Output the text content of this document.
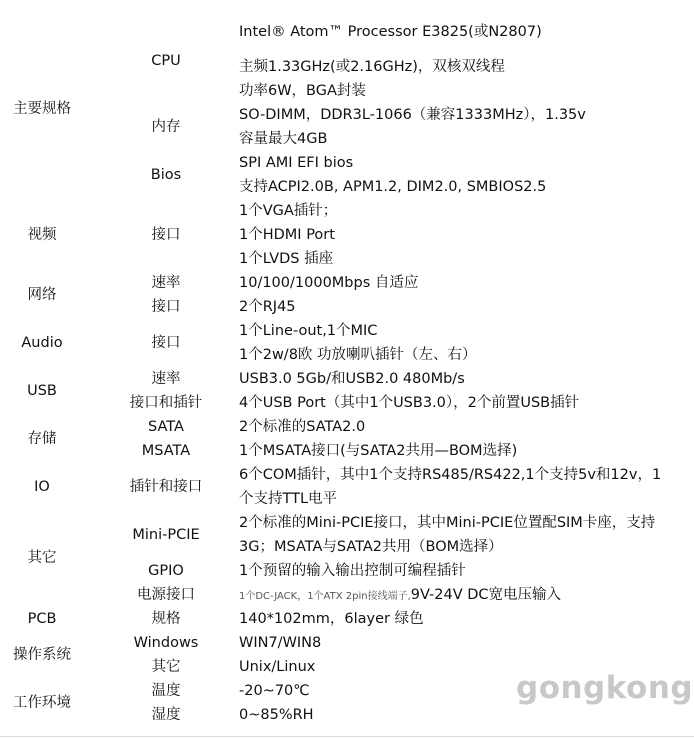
主要规格
视频
网络
Audio
USB
存储
IO
其它
PCB
操作系统
工作环境
CPU
内存
Bios
接口
速率
接口
接口
速率
接口和插针
SATA
MSATA
插针和接口
Mini-PCIE
GPIO
电源接口
规格
Windows
其它
温度
湿度
Intel® Atom™ Processor E3825(或N2807)
主频1.33GHz(或2.16GHz)，双核双线程
功率6W，BGA封装
SO-DIMM，DDR3L-1066（兼容1333MHz），1.35v
容量最大4GB
SPI AMI EFI bios
支持ACPI2.0B, APM1.2, DIM2.0, SMBIOS2.5
1个VGA插针；
1个HDMI Port
1个LVDS 插座
10/100/1000Mbps 自适应
2个RJ45
1个Line-out,1个MIC
1个2w/8欧 功放喇叭插针（左、右）
USB3.0 5Gb/和USB2.0 480Mb/s
4个USB Port（其中1个USB3.0），2个前置USB插针
2个标准的SATA2.0
1个MSATA接口(与SATA2共用—BOM选择)
6个COM插针，其中1个支持RS485/RS422,1个支持5v和12v，1
个支持TTL电平
2个标准的Mini-PCIE接口，其中Mini-PCIE位置配SIM卡座，支持
3G；MSATA与SATA2共用（BOM选择）
1个预留的输入输出控制可编程插针
1个DC-JACK，1个ATX 2pin接线端子,9V-24V DC宽电压输入
140*102mm，6layer 绿色
WIN7/WIN8
Unix/Linux
-20~70℃
0~85%RH
gongkong
